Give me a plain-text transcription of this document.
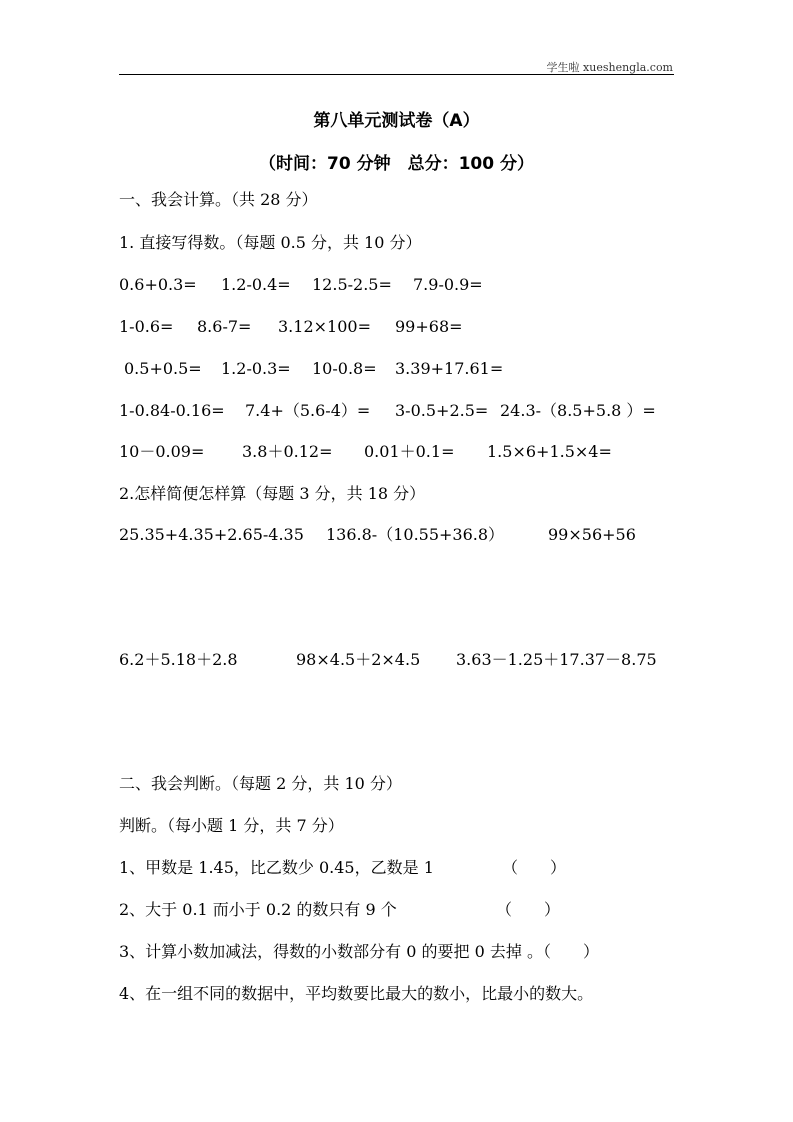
学生啦 xueshengla.com
第八单元测试卷（A）
（时间：70 分钟　总分：100 分）
一、我会计算。（共 28 分）
1. 直接写得数。（每题 0.5 分，共 10 分）
0.6+0.3= 1.2-0.4= 12.5-2.5= 7.9-0.9=
1-0.6= 8.6-7= 3.12×100= 99+68=
0.5+0.5= 1.2-0.3= 10-0.8= 3.39+17.61=
1-0.84-0.16= 7.4+（5.6-4）= 3-0.5+2.5= 24.3-（8.5+5.8 ）=
10－0.09= 3.8＋0.12= 0.01＋0.1= 1.5×6+1.5×4=
2.怎样简便怎样算（每题 3 分，共 18 分）
25.35+4.35+2.65-4.35 136.8-（10.55+36.8）	99×56+56
6.2＋5.18＋2.8	98×4.5＋2×4.5 3.63－1.25＋17.37－8.75
二、我会判断。（每题 2 分，共 10 分）
判断。（每小题 1 分，共 7 分）
1、甲数是 1.45，比乙数少 0.45，乙数是 1	（　　）
2、大于 0.1 而小于 0.2 的数只有 9 个	（　　）
3、计算小数加减法，得数的小数部分有 0 的要把 0 去掉 。（　　）
4、在一组不同的数据中，平均数要比最大的数小，比最小的数大。
